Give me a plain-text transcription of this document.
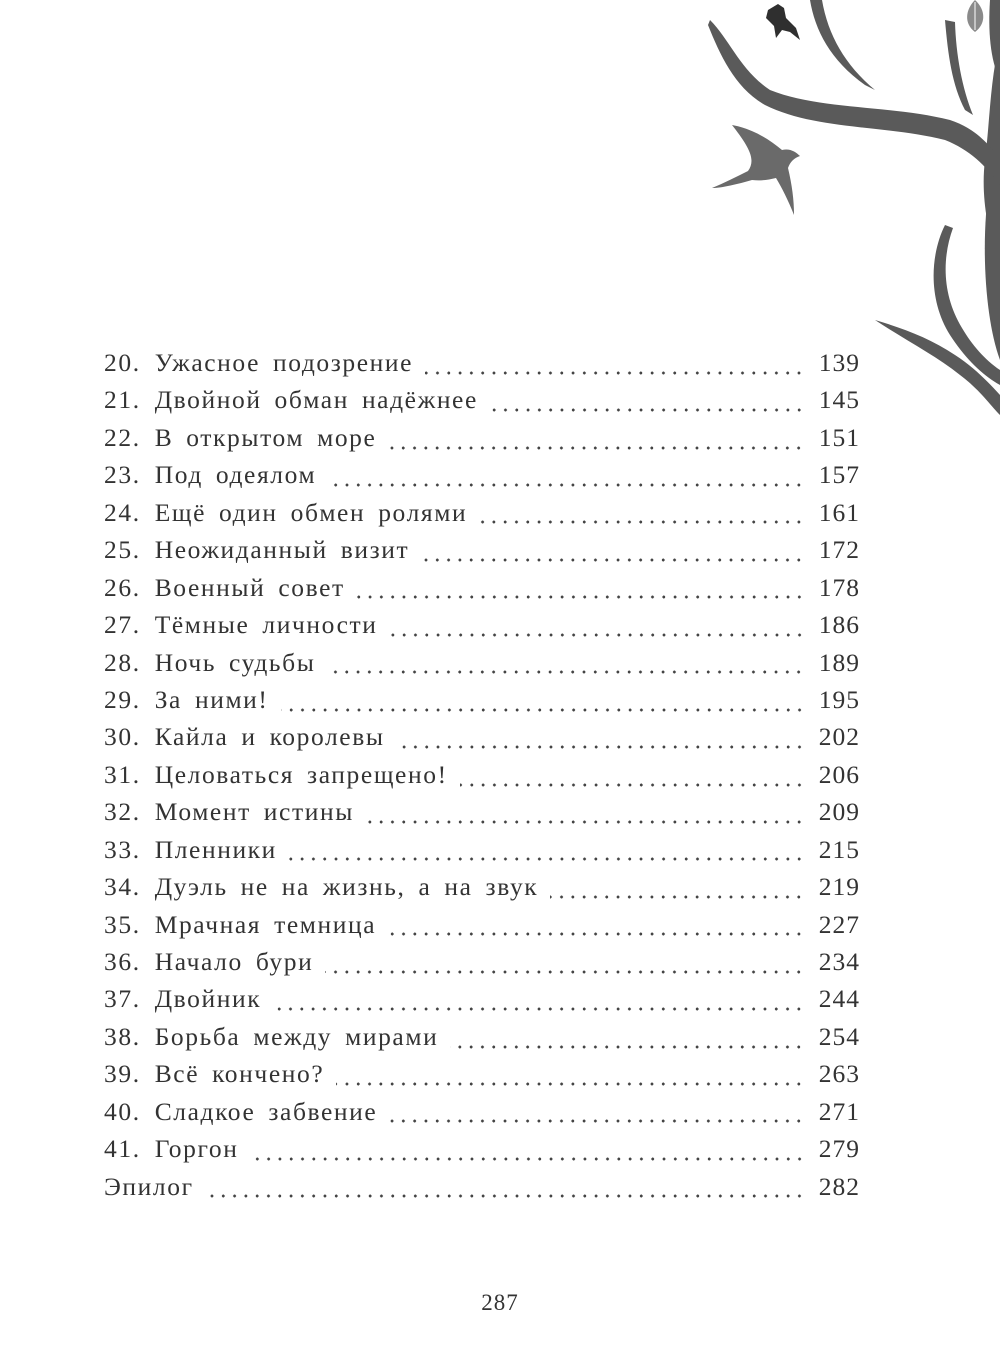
20. Ужасное подозрение	139
21. Двойной обман надёжнее	145
22. В открытом море	151
23. Под одеялом	157
24. Ещё один обмен ролями	161
25. Неожиданный визит	172
26. Военный совет	178
27. Тёмные личности	186
28. Ночь судьбы	189
29. За ними!	195
30. Кайла и королевы	202
31. Целоваться запрещено!	206
32. Момент истины	209
33. Пленники	215
34. Дуэль не на жизнь, а на звук	219
35. Мрачная темница	227
36. Начало бури	234
37. Двойник	244
38. Борьба между мирами	254
39. Всё кончено?	263
40. Сладкое забвение	271
41. Горгон	279
Эпилог	282
287
